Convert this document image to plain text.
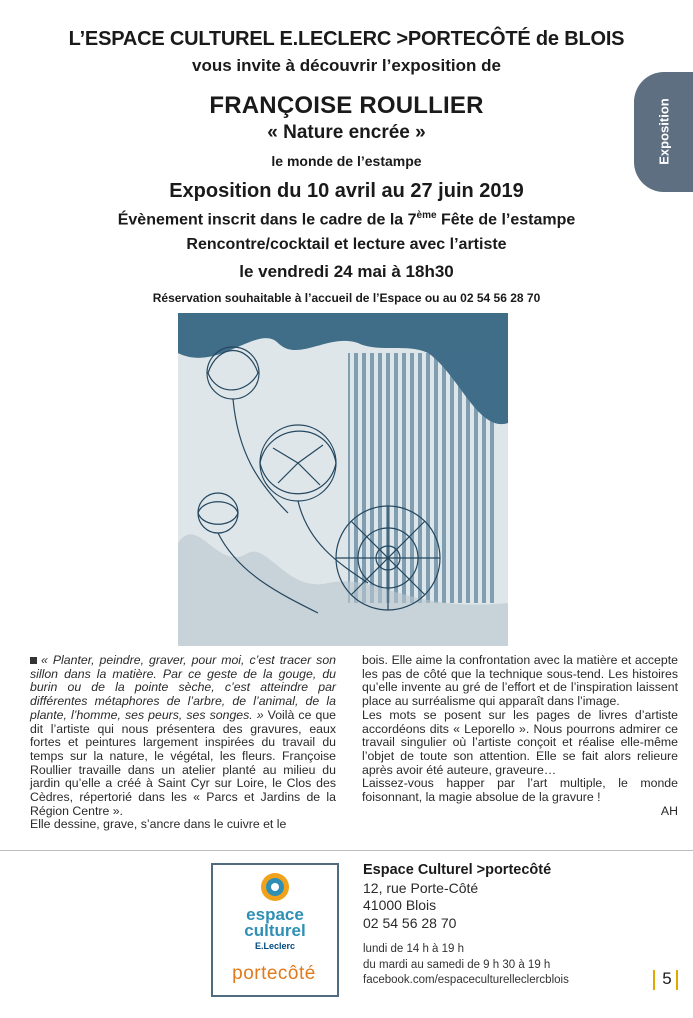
L’ESPACE CULTUREL E.LECLERC >PORTECÔTÉ de BLOIS
vous invite à découvrir l’exposition de
FRANÇOISE ROULLIER
« Nature encrée »
le monde de l’estampe
Exposition du 10 avril au 27 juin 2019
Évènement inscrit dans le cadre de la 7ème Fête de l’estampe
Rencontre/cocktail et lecture avec l’artiste
le vendredi 24 mai à 18h30
Réservation souhaitable à l’accueil de l’Espace ou au 02 54 56 28 70
Exposition

« Planter, peindre, graver, pour moi, c’est tracer son sillon dans la matière. Par ce geste de la gouge, du burin ou de la pointe sèche, c’est atteindre par différentes métaphores de l’arbre, de l’animal, de la plante, l’homme, ses peurs, ses songes. » Voilà ce que dit l’artiste qui nous présentera des gravures, eaux fortes et peintures largement inspirées du travail du temps sur la nature, le végétal, les fleurs. Françoise Roullier travaille dans un atelier planté au milieu du jardin qu’elle a créé à Saint Cyr sur Loire, le Clos des Cèdres, répertorié dans les « Parcs et Jardins de la Région Centre ».

Elle dessine, grave, s’ancre dans le cuivre et le

bois. Elle aime la confrontation avec la matière et accepte les pas de côté que la technique sous-tend. Les histoires qu’elle invente au gré de l’effort et de l’inspiration laissent place au surréalisme qui apparaît dans l’image.

Les mots se posent sur les pages de livres d’artiste accordéons dits « Leporello ». Nous pourrons admirer ce travail singulier où l’artiste conçoit et réalise elle-même l’objet de toute son attention. Elle se fait alors relieure après avoir été auteure, graveure…

Laissez-vous happer par l’art multiple, le monde foisonnant, la magie absolue de la gravure !

AH

espace
culturel
E.Leclerc
portecôté
Espace Culturel >portecôté
12, rue Porte-Côté
41000 Blois
02 54 56 28 70
lundi de 14 h à 19 h
du mardi au samedi de 9 h 30 à 19 h
facebook.com/espaceculturelleclercblois	5
